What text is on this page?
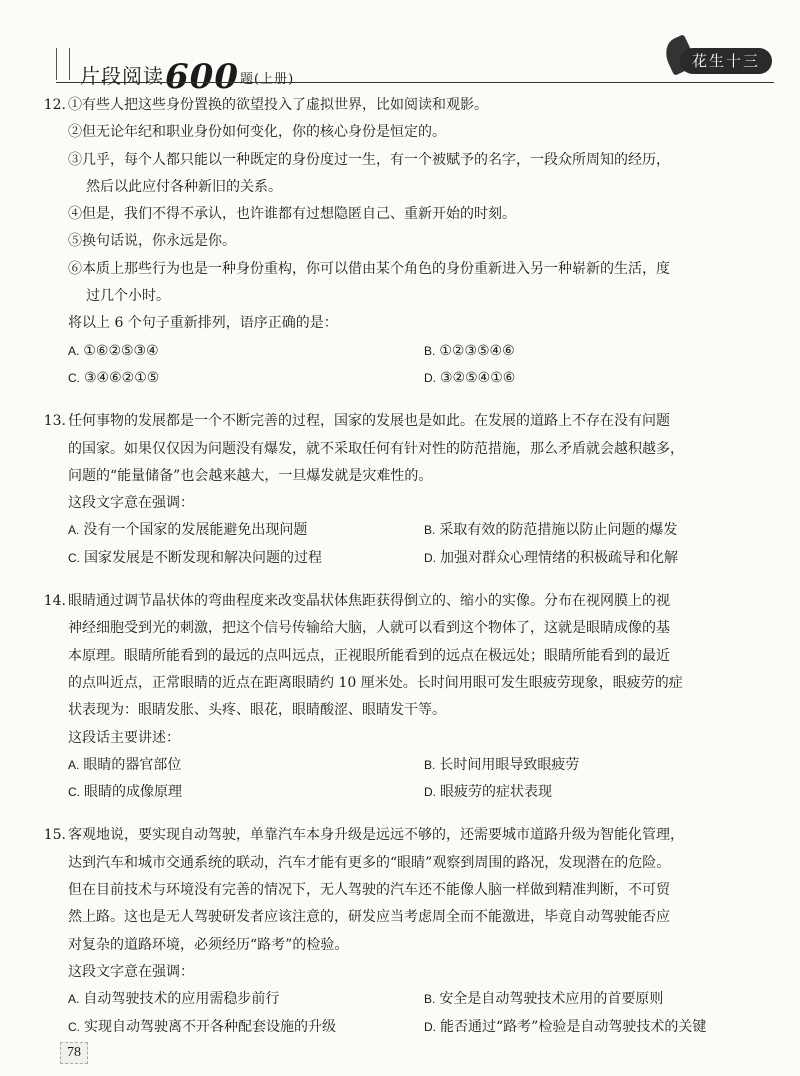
片段阅读600题(上册)
花生十三
12. ①有些人把这些身份置换的欲望投入了虚拟世界，比如阅读和观影。
②但无论年纪和职业身份如何变化，你的核心身份是恒定的。
③几乎，每个人都只能以一种既定的身份度过一生，有一个被赋予的名字，一段众所周知的经历，
然后以此应付各种新旧的关系。
④但是，我们不得不承认，也许谁都有过想隐匿自己、重新开始的时刻。
⑤换句话说，你永远是你。
⑥本质上那些行为也是一种身份重构，你可以借由某个角色的身份重新进入另一种崭新的生活，度
过几个小时。
将以上 6 个句子重新排列，语序正确的是：
A. ①⑥②⑤③④	B. ①②③⑤④⑥
C. ③④⑥②①⑤	D. ③②⑤④①⑥
13. 任何事物的发展都是一个不断完善的过程，国家的发展也是如此。在发展的道路上不存在没有问题
的国家。如果仅仅因为问题没有爆发，就不采取任何有针对性的防范措施，那么矛盾就会越积越多，
问题的“能量储备”也会越来越大，一旦爆发就是灾难性的。
这段文字意在强调：
A. 没有一个国家的发展能避免出现问题	B. 采取有效的防范措施以防止问题的爆发
C. 国家发展是不断发现和解决问题的过程	D. 加强对群众心理情绪的积极疏导和化解
14. 眼睛通过调节晶状体的弯曲程度来改变晶状体焦距获得倒立的、缩小的实像。分布在视网膜上的视
神经细胞受到光的刺激，把这个信号传输给大脑，人就可以看到这个物体了，这就是眼睛成像的基
本原理。眼睛所能看到的最远的点叫远点，正视眼所能看到的远点在极远处；眼睛所能看到的最近
的点叫近点，正常眼睛的近点在距离眼睛约 10 厘米处。长时间用眼可发生眼疲劳现象，眼疲劳的症
状表现为：眼睛发胀、头疼、眼花，眼睛酸涩、眼睛发干等。
这段话主要讲述：
A. 眼睛的器官部位	B. 长时间用眼导致眼疲劳
C. 眼睛的成像原理	D. 眼疲劳的症状表现
15. 客观地说，要实现自动驾驶，单靠汽车本身升级是远远不够的，还需要城市道路升级为智能化管理，
达到汽车和城市交通系统的联动，汽车才能有更多的“眼睛”观察到周围的路况，发现潜在的危险。
但在目前技术与环境没有完善的情况下，无人驾驶的汽车还不能像人脑一样做到精准判断，不可贸
然上路。这也是无人驾驶研发者应该注意的，研发应当考虑周全而不能激进，毕竟自动驾驶能否应
对复杂的道路环境，必须经历“路考”的检验。
这段文字意在强调：
A. 自动驾驶技术的应用需稳步前行	B. 安全是自动驾驶技术应用的首要原则
C. 实现自动驾驶离不开各种配套设施的升级	D. 能否通过“路考”检验是自动驾驶技术的关键
78
